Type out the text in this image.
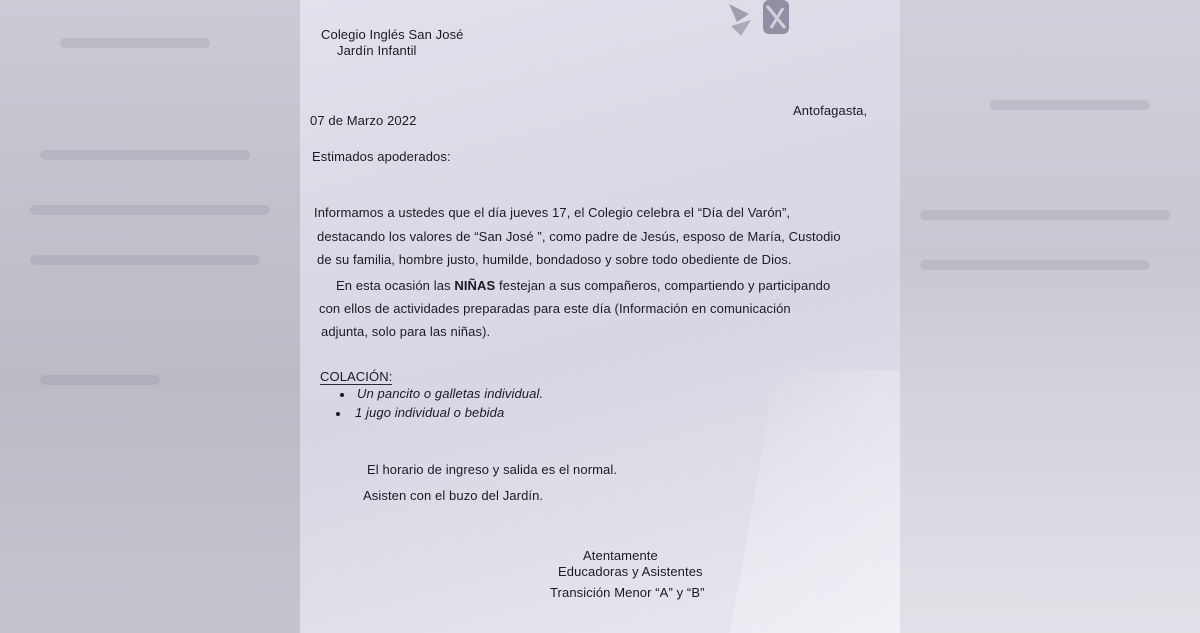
Colegio Inglés San José
Jardín Infantil
Antofagasta,
07 de Marzo 2022
Estimados apoderados:
Informamos a ustedes que el día jueves 17, el Colegio celebra el “Día del Varón”,
destacando los valores de “San José ”, como padre de Jesús, esposo de María, Custodio
de su familia, hombre justo, humilde, bondadoso y sobre todo obediente de Dios.
En esta ocasión las NIÑAS festejan a sus compañeros, compartiendo y participando
con ellos de actividades preparadas para este día (Información en comunicación
adjunta, solo para las niñas).
COLACIÓN:
Un pancito o galletas individual.
1 jugo individual o bebida
El horario de ingreso y salida es el normal.
Asisten con el buzo del Jardín.
Atentamente
Educadoras y Asistentes
Transición Menor “A” y “B”
